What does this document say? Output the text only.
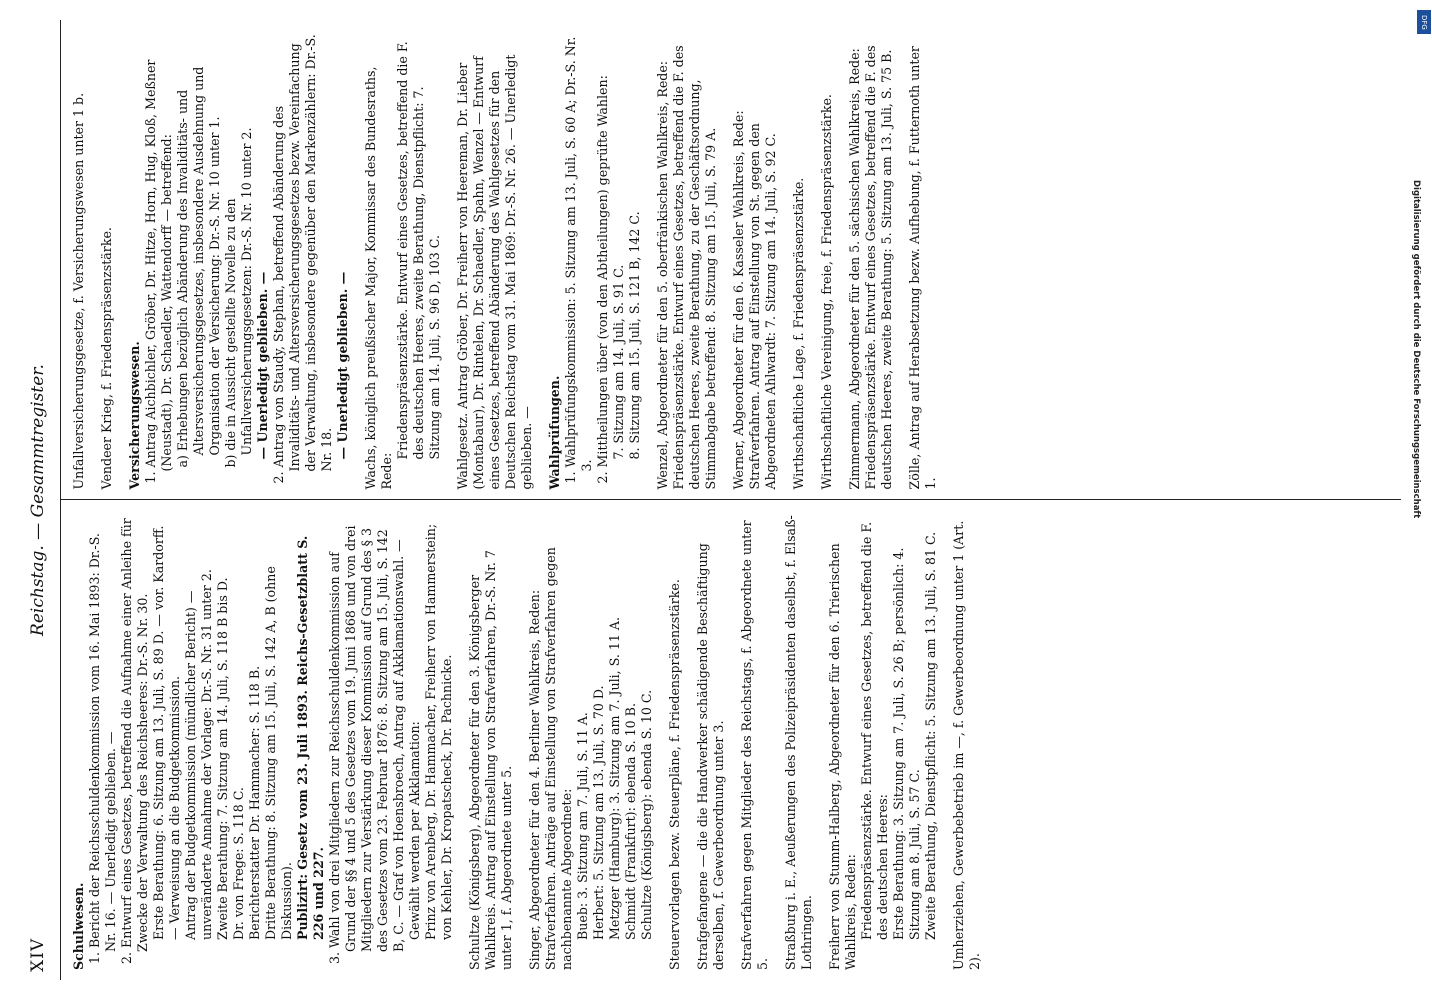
DFG
Digitalisierung gefördert durch die Deutsche Forschungsgemeinschaft
XIV
Reichstag. — Gesammtregister.

Schulwesen. 1. Bericht der Reichsschuldenkommission vom 16. Mai 1893: Dr.-S. Nr. 16. — Unerledigt geblieben. — 2. Entwurf eines Gesetzes, betreffend die Aufnahme einer Anleihe für Zwecke der Verwaltung des Reichsheeres: Dr.-S. Nr. 30. Erste Berathung: 6. Sitzung am 13. Juli, S. 89 D. — vor. Kardorff. — Verweisung an die Budgetkommission. Antrag der Budgetkommission (mündlicher Bericht) — unveränderte Annahme der Vorlage: Dr.-S. Nr. 31 unter 2. Zweite Berathung: 7. Sitzung am 14. Juli, S. 118 B bis D. Dr. von Frege: S. 118 C. Berichterstatter Dr. Hammacher: S. 118 B. Dritte Berathung: 8. Sitzung am 15. Juli, S. 142 A, B (ohne Diskussion). Publizirt: Gesetz vom 23. Juli 1893. Reichs-Gesetzblatt S. 226 und 227. 3. Wahl von drei Mitgliedern zur Reichsschuldenkommission auf Grund der §§ 4 und 5 des Gesetzes vom 19. Juni 1868 und von drei Mitgliedern zur Verstärkung dieser Kommission auf Grund des § 3 des Gesetzes vom 23. Februar 1876: 8. Sitzung am 15. Juli, S. 142 B, C. — Graf von Hoensbroech, Antrag auf Akklamationswahl. — Gewählt werden per Akklamation: Prinz von Arenberg, Dr. Hammacher, Freiherr von Hammerstein; von Kehler, Dr. Kropatscheck, Dr. Pachnicke. Schultze (Königsberg), Abgeordneter für den 3. Königsberger Wahlkreis. Antrag auf Einstellung von Strafverfahren, Dr.-S. Nr. 7 unter 1, f. Abgeordnete unter 5. Singer, Abgeordneter für den 4. Berliner Wahlkreis, Reden: Strafverfahren. Anträge auf Einstellung von Strafverfahren gegen nachbenannte Abgeordnete: Bueb: 3. Sitzung am 7. Juli, S. 11 A. Herbert: 5. Sitzung am 13. Juli, S. 70 D. Metzger (Hamburg): 3. Sitzung am 7. Juli, S. 11 A. Schmidt (Frankfurt): ebenda S. 10 B. Schultze (Königsberg): ebenda S. 10 C. Steuervorlagen bezw. Steuerpläne, f. Friedenspräsenzstärke. Strafgefangene — die die Handwerker schädigende Beschäftigung derselben, f. Gewerbeordnung unter 3. Strafverfahren gegen Mitglieder des Reichstags, f. Abgeordnete unter 5. Straßburg i. E., Aeußerungen des Polizeipräsidenten daselbst, f. Elsaß-Lothringen. Freiherr von Stumm-Halberg, Abgeordneter für den 6. Trierischen Wahlkreis, Reden: Friedenspräsenzstärke. Entwurf eines Gesetzes, betreffend die F. des deutschen Heeres: Erste Berathung: 3. Sitzung am 7. Juli, S. 26 B; persönlich: 4. Sitzung am 8. Juli, S. 57 C. Zweite Berathung, Dienstpflicht: 5. Sitzung am 13. Juli, S. 81 C. Umherziehen, Gewerbebetrieb im —, f. Gewerbeordnung unter 1 (Art. 2).

Unfallversicherungsgesetze, f. Versicherungswesen unter 1 b. Vendeer Krieg, f. Friedenspräsenzstärke. Versicherungswesen. 1. Antrag Aichbichler, Gröber, Dr. Hitze, Horn, Hug, Kloß, Meßner (Neustadt), Dr. Schaedler, Wattendorff — betreffend: a) Erhebungen bezüglich Abänderung des Invaliditäts- und Altersversicherungsgesetzes, insbesondere Ausdehnung und Organisation der Versicherung: Dr.-S. Nr. 10 unter 1. b) die in Aussicht gestellte Novelle zu den Unfallversicherungsgesetzen: Dr.-S. Nr. 10 unter 2. — Unerledigt geblieben. — 2. Antrag von Staudy, Stephan, betreffend Abänderung des Invaliditäts- und Altersversicherungsgesetzes bezw. Vereinfachung der Verwaltung, insbesondere gegenüber den Markenzählern: Dr.-S. Nr. 18. — Unerledigt geblieben. — Wachs, königlich preußischer Major, Kommissar des Bundesraths, Rede:

Friedenspräsenzstärke. Entwurf eines Gesetzes, betreffend die F. des deutschen Heeres, zweite Berathung, Dienstpflicht: 7. Sitzung am 14. Juli, S. 96 D, 103 C. Wahlgesetz. Antrag Gröber, Dr. Freiherr von Heereman, Dr. Lieber (Montabaur), Dr. Rintelen, Dr. Schaedler, Spahn, Wenzel — Entwurf eines Gesetzes, betreffend Abänderung des Wahlgesetzes für den Deutschen Reichstag vom 31. Mai 1869: Dr.-S. Nr. 26. — Unerledigt geblieben. — Wahlprüfungen. 1. Wahlprüfungskommission: 5. Sitzung am 13. Juli, S. 60 A; Dr.-S. Nr. 3. 2. Mittheilungen über (von den Abtheilungen) geprüfte Wahlen: 7. Sitzung am 14. Juli, S. 91 C. 8. Sitzung am 15. Juli, S. 121 B, 142 C. Wenzel, Abgeordneter für den 5. oberfränkischen Wahlkreis, Rede: Friedenspräsenzstärke. Entwurf eines Gesetzes, betreffend die F. des deutschen Heeres, zweite Berathung, zu der Geschäftsordnung, Stimmabgabe betreffend: 8. Sitzung am 15. Juli, S. 79 A. Werner, Abgeordneter für den 6. Kasseler Wahlkreis, Rede: Strafverfahren. Antrag auf Einstellung von St. gegen den Abgeordneten Ahlwardt: 7. Sitzung am 14. Juli, S. 92 C. Wirthschaftliche Lage, f. Friedenspräsenzstärke. Wirthschaftliche Vereinigung, freie, f. Friedenspräsenzstärke. Zimmermann, Abgeordneter für den 5. sächsischen Wahlkreis, Rede: Friedenspräsenzstärke. Entwurf eines Gesetzes, betreffend die F. des deutschen Heeres, zweite Berathung: 5. Sitzung am 13. Juli, S. 75 B. Zölle, Antrag auf Herabsetzung bezw. Aufhebung, f. Futternoth unter 1.
